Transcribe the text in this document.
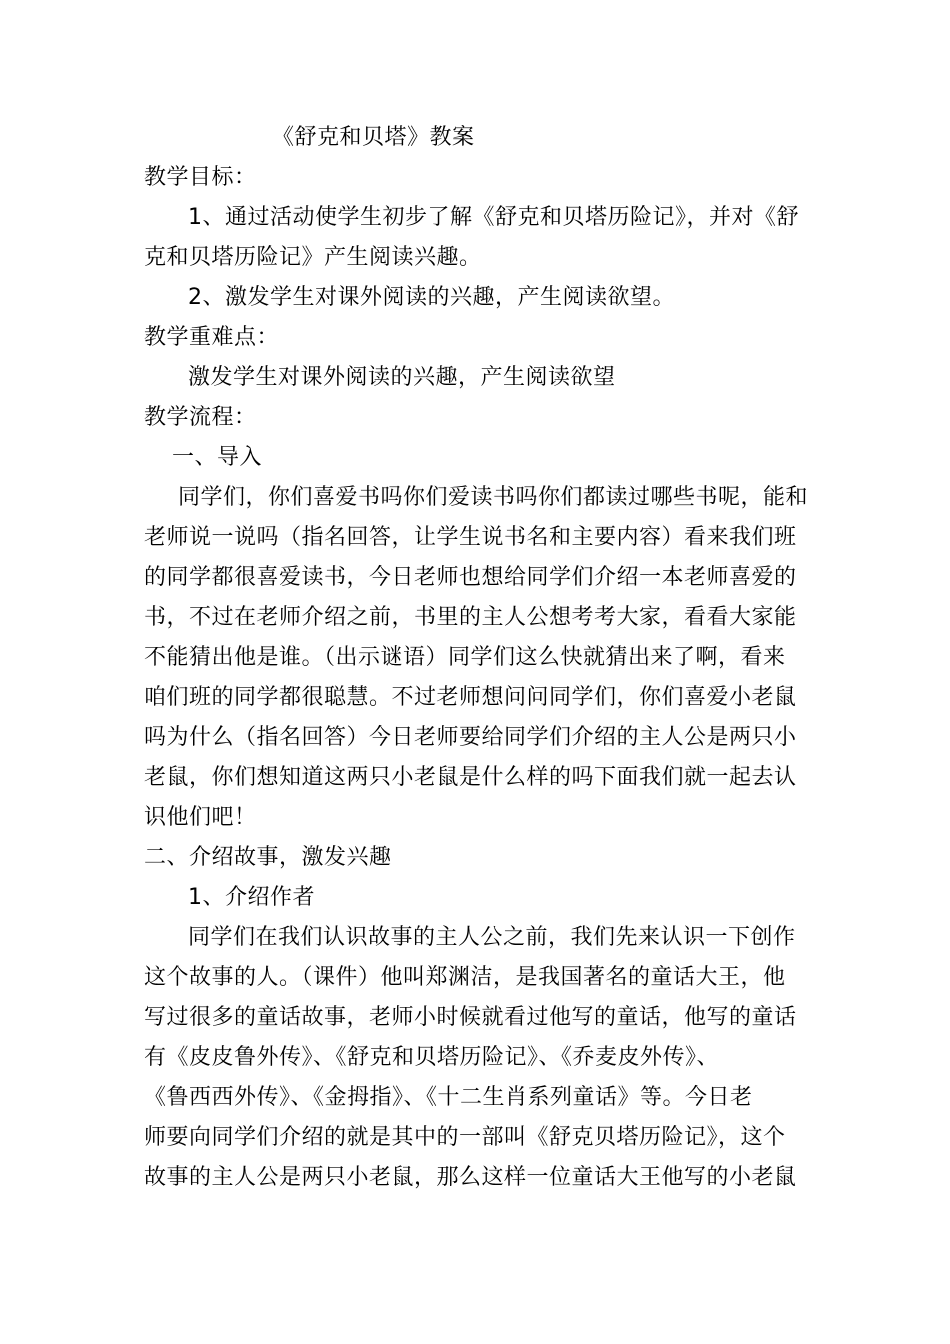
《舒克和贝塔》教案
教学目标：
1、通过活动使学生初步了解《舒克和贝塔历险记》，并对《舒
克和贝塔历险记》产生阅读兴趣。
2、激发学生对课外阅读的兴趣，产生阅读欲望。
教学重难点：
激发学生对课外阅读的兴趣，产生阅读欲望
教学流程：
一、导入
同学们，你们喜爱书吗你们爱读书吗你们都读过哪些书呢，能和
老师说一说吗（指名回答，让学生说书名和主要内容）看来我们班
的同学都很喜爱读书，今日老师也想给同学们介绍一本老师喜爱的
书，不过在老师介绍之前，书里的主人公想考考大家，看看大家能
不能猜出他是谁。（出示谜语）同学们这么快就猜出来了啊，看来
咱们班的同学都很聪慧。不过老师想问问同学们，你们喜爱小老鼠
吗为什么（指名回答）今日老师要给同学们介绍的主人公是两只小
老鼠，你们想知道这两只小老鼠是什么样的吗下面我们就一起去认
识他们吧！
二、介绍故事，激发兴趣
1、介绍作者
同学们在我们认识故事的主人公之前，我们先来认识一下创作
这个故事的人。（课件）他叫郑渊洁，是我国著名的童话大王，他
写过很多的童话故事，老师小时候就看过他写的童话，他写的童话
有《皮皮鲁外传》、《舒克和贝塔历险记》、《乔麦皮外传》、
《鲁西西外传》、《金拇指》、《十二生肖系列童话》等。今日老
师要向同学们介绍的就是其中的一部叫《舒克贝塔历险记》，这个
故事的主人公是两只小老鼠，那么这样一位童话大王他写的小老鼠
